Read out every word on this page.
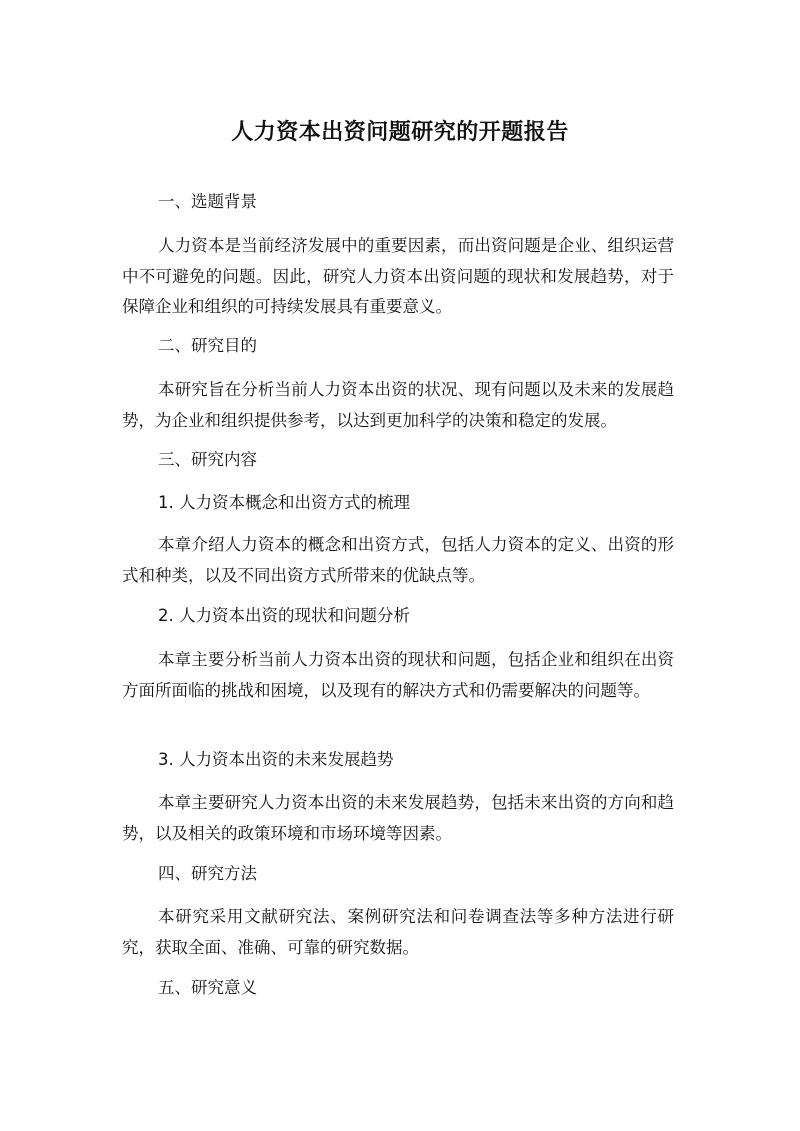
人力资本出资问题研究的开题报告

一、选题背景

人力资本是当前经济发展中的重要因素，而出资问题是企业、组织运营中不可避免的问题。因此，研究人力资本出资问题的现状和发展趋势，对于保障企业和组织的可持续发展具有重要意义。

二、研究目的

本研究旨在分析当前人力资本出资的状况、现有问题以及未来的发展趋势，为企业和组织提供参考，以达到更加科学的决策和稳定的发展。

三、研究内容

1. 人力资本概念和出资方式的梳理

本章介绍人力资本的概念和出资方式，包括人力资本的定义、出资的形式和种类，以及不同出资方式所带来的优缺点等。

2. 人力资本出资的现状和问题分析

本章主要分析当前人力资本出资的现状和问题，包括企业和组织在出资方面所面临的挑战和困境，以及现有的解决方式和仍需要解决的问题等。

3. 人力资本出资的未来发展趋势

本章主要研究人力资本出资的未来发展趋势，包括未来出资的方向和趋势，以及相关的政策环境和市场环境等因素。

四、研究方法

本研究采用文献研究法、案例研究法和问卷调查法等多种方法进行研究，获取全面、准确、可靠的研究数据。

五、研究意义
